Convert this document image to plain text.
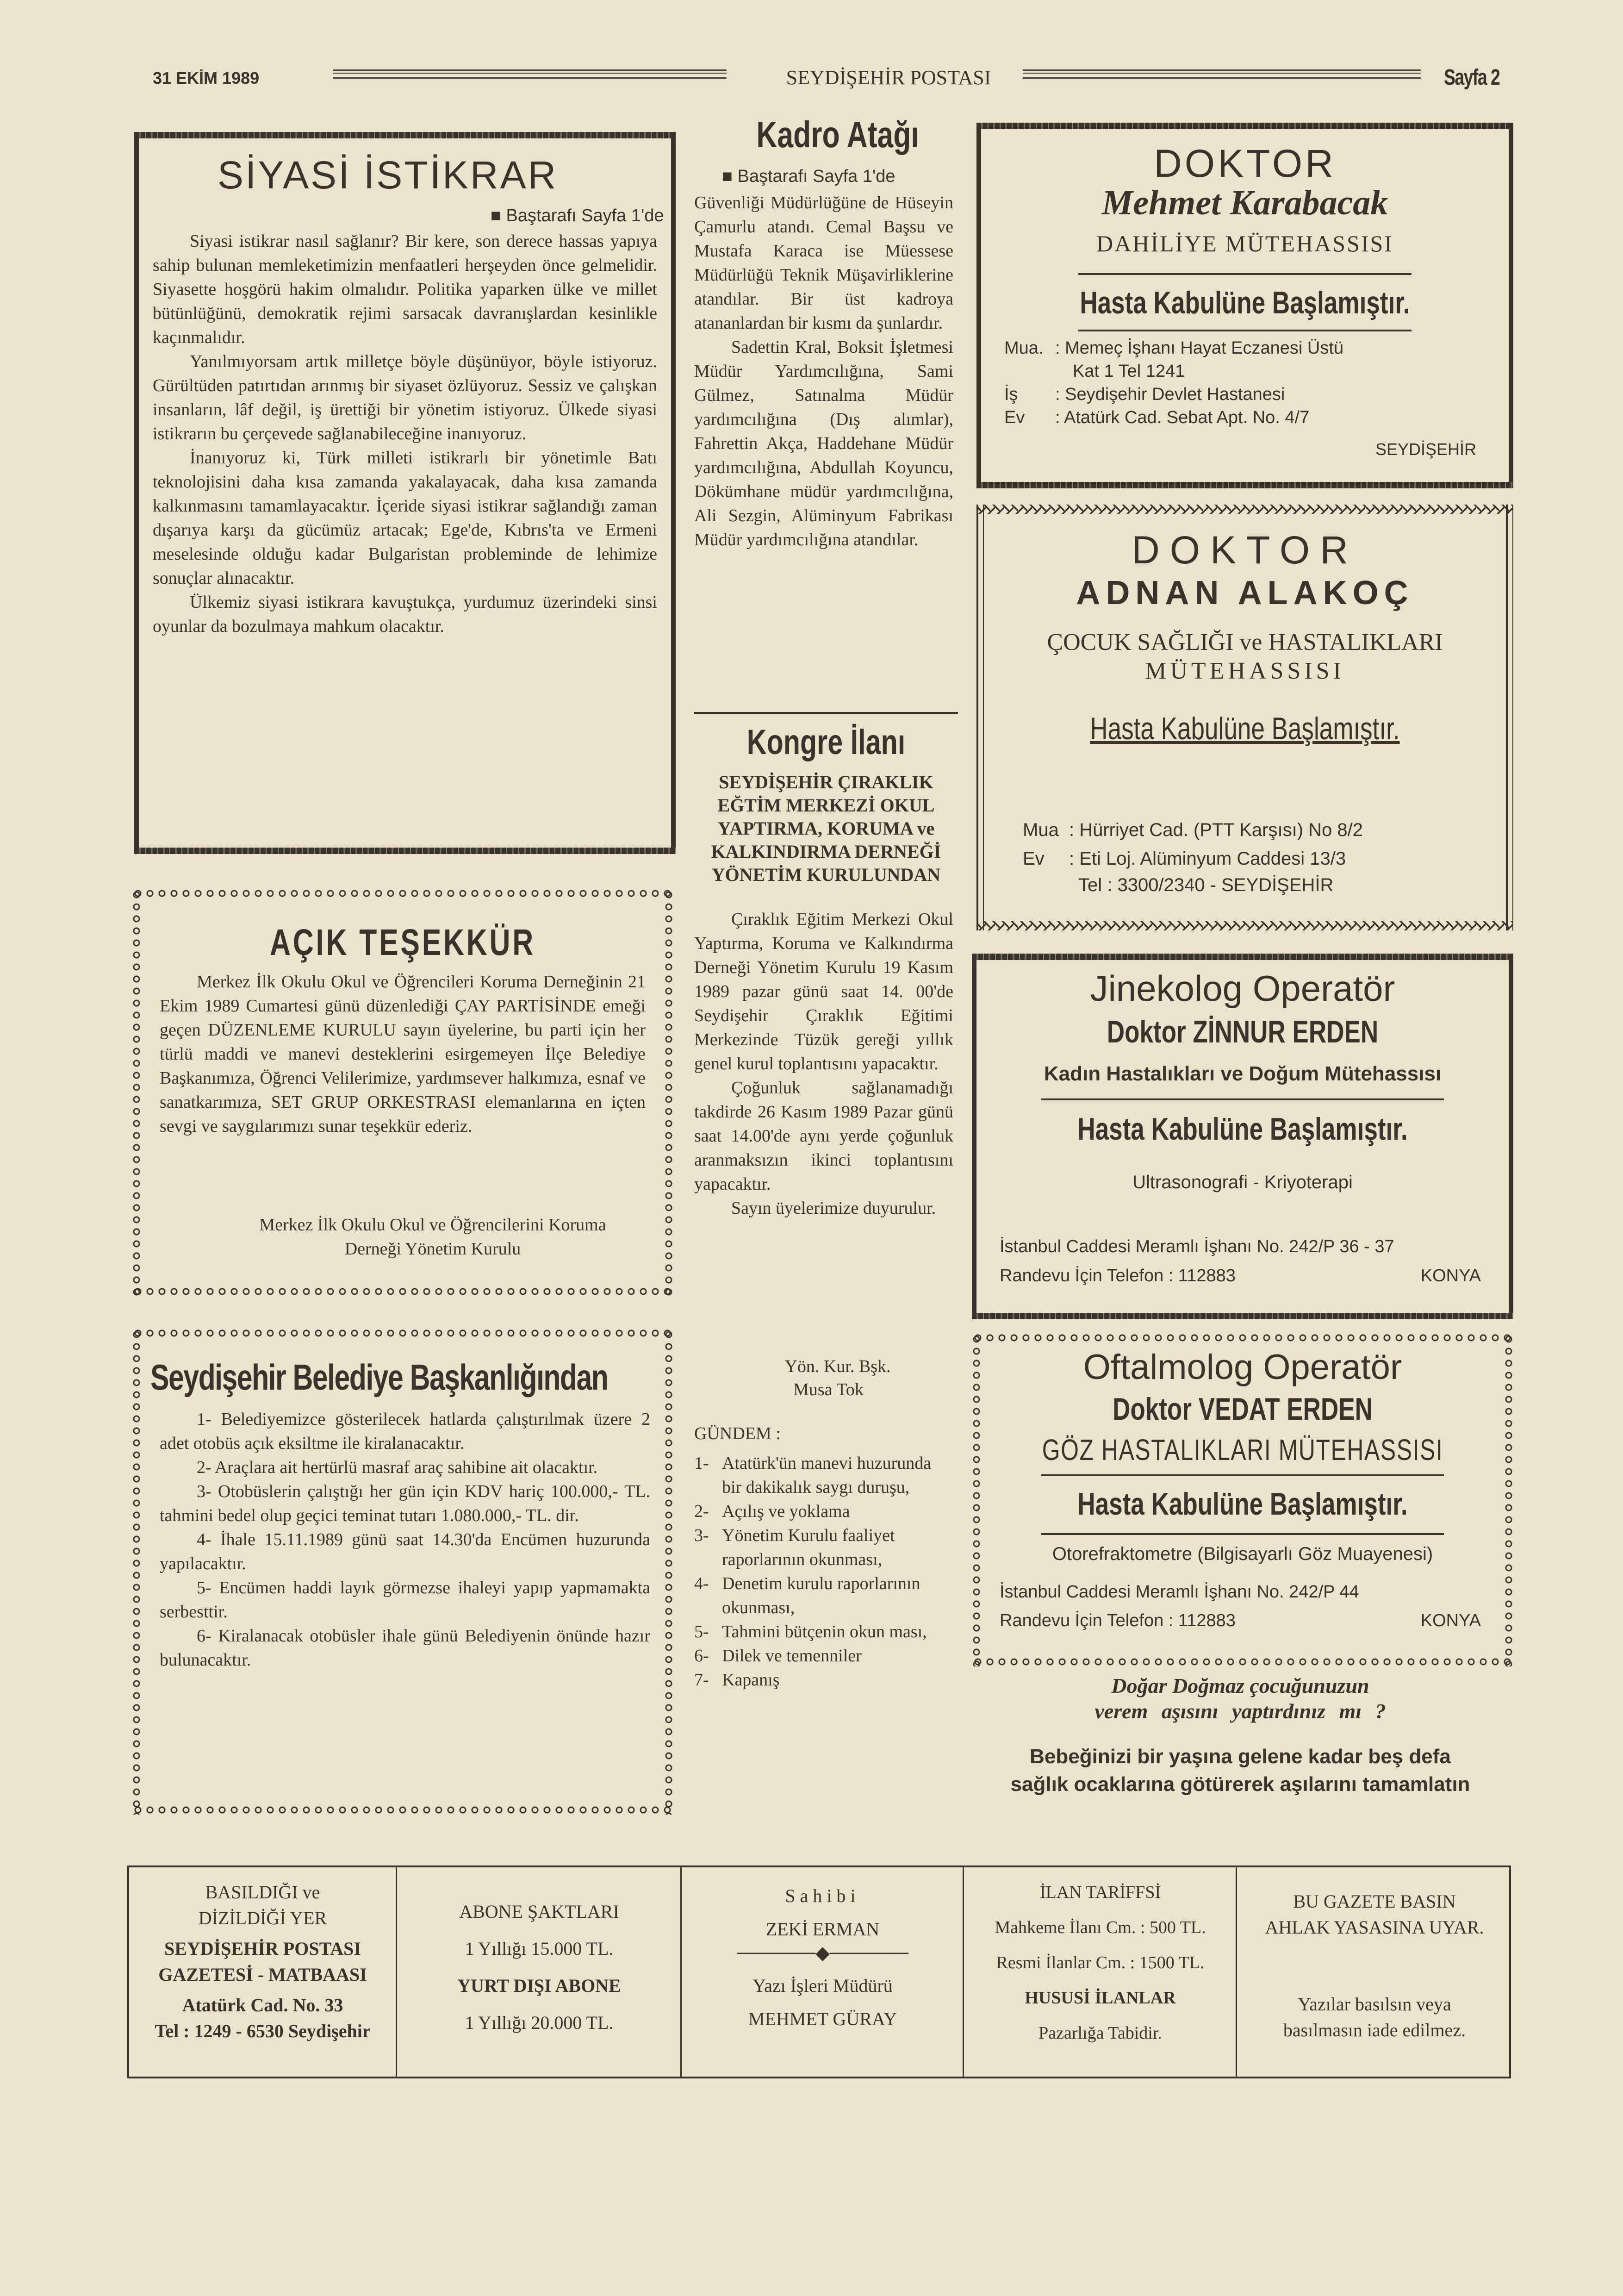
31 EKİM 1989	SEYDİŞEHİR POSTASI	Sayfa 2
SİYASİ İSTİKRAR
■ Baştarafı Sayfa 1'de

Siyasi istikrar nasıl sağlanır? Bir kere, son derece hassas yapıya sahip bulunan memleketimizin menfaatleri herşeyden önce gelmelidir. Siyasette hoşgörü hakim olmalıdır. Politika yaparken ülke ve millet bütünlüğünü, demokratik rejimi sarsacak davranışlardan kesinlikle kaçınmalıdır.

Yanılmıyorsam artık milletçe böyle düşünüyor, böyle istiyoruz. Gürültüden patırtıdan arınmış bir siyaset özlüyoruz. Sessiz ve çalışkan insanların, lâf değil, iş ürettiği bir yönetim istiyoruz. Ülkede siyasi istikrarın bu çerçevede sağlanabileceğine inanıyoruz.

İnanıyoruz ki, Türk milleti istikrarlı bir yönetimle Batı teknolojisini daha kısa zamanda yakalayacak, daha kısa zamanda kalkınmasını tamamlayacaktır. İçeride siyasi istikrar sağlandığı zaman dışarıya karşı da gücümüz artacak; Ege'de, Kıbrıs'ta ve Ermeni meselesinde olduğu kadar Bulgaristan probleminde de lehimize sonuçlar alınacaktır.

Ülkemiz siyasi istikrara kavuştukça, yurdumuz üzerindeki sinsi oyunlar da bozulmaya mahkum olacaktır.

AÇIK TEŞEKKÜR

Merkez İlk Okulu Okul ve Öğrencileri Koruma Derneğinin 21 Ekim 1989 Cumartesi günü düzenlediği ÇAY PARTİSİNDE emeği geçen DÜZENLEME KURULU sayın üyelerine, bu parti için her türlü maddi ve manevi desteklerini esirgemeyen İlçe Belediye Başkanımıza, Öğrenci Velilerimize, yardımsever halkımıza, esnaf ve sanatkarımıza, SET GRUP ORKESTRASI elemanlarına en içten sevgi ve saygılarımızı sunar teşekkür ederiz.

Merkez İlk Okulu Okul ve Öğrencilerini Koruma Derneği Yönetim Kurulu
Seydişehir Belediye Başkanlığından

1- Belediyemizce gösterilecek hatlarda çalıştırılmak üzere 2 adet otobüs açık eksiltme ile kiralanacaktır.

2- Araçlara ait hertürlü masraf araç sahibine ait olacaktır.

3- Otobüslerin çalıştığı her gün için KDV hariç 100.000,- TL. tahmini bedel olup geçici teminat tutarı 1.080.000,- TL. dir.

4- İhale 15.11.1989 günü saat 14.30'da Encümen huzurunda yapılacaktır.

5- Encümen haddi layık görmezse ihaleyi yapıp yapmamakta serbesttir.

6- Kiralanacak otobüsler ihale günü Belediyenin önünde hazır bulunacaktır.

Kadro Atağı
■ Baştarafı Sayfa 1'de

Güvenliği Müdürlüğüne de Hüseyin Çamurlu atandı. Cemal Başsu ve Mustafa Karaca ise Müessese Müdürlüğü Teknik Müşavirliklerine atandılar. Bir üst kadroya atananlardan bir kısmı da şunlardır.

Sadettin Kral, Boksit İşletmesi Müdür Yardımcılığına, Sami Gülmez, Satınalma Müdür yardımcılığına (Dış alımlar), Fahrettin Akça, Haddehane Müdür yardımcılığına, Abdullah Koyuncu, Dökümhane müdür yardımcılığına, Ali Sezgin, Alüminyum Fabrikası Müdür yardımcılığına atandılar.

Kongre İlanı
SEYDİŞEHİR ÇIRAKLIK EĞTİM MERKEZİ OKUL YAPTIRMA, KORUMA ve KALKINDIRMA DERNEĞİ YÖNETİM KURULUNDAN

Çıraklık Eğitim Merkezi Okul Yaptırma, Koruma ve Kalkındırma Derneği Yönetim Kurulu 19 Kasım 1989 pazar günü saat 14. 00'de Seydişehir Çıraklık Eğitimi Merkezinde Tüzük gereği yıllık genel kurul toplantısını yapacaktır.

Çoğunluk sağlanamadığı takdirde 26 Kasım 1989 Pazar günü saat 14.00'de aynı yerde çoğunluk aranmaksızın ikinci toplantısını yapacaktır.

Sayın üyelerimize duyurulur.

Yön. Kur. Bşk.
Musa Tok
GÜNDEM :
1- Atatürk'ün manevi huzurunda bir dakikalık saygı duruşu,
2- Açılış ve yoklama
3- Yönetim Kurulu faaliyet raporlarının okunması,
4- Denetim kurulu raporlarının okunması,
5- Tahmini bütçenin okun ması,
6- Dilek ve temenniler
7- Kapanış
DOKTOR
Mehmet Karabacak
DAHİLİYE MÜTEHASSISI
Hasta Kabulüne Başlamıştır.
Mua. : Memeç İşhanı Hayat Eczanesi Üstü
Kat 1 Tel 1241
İş	: Seydişehir Devlet Hastanesi
Ev	: Atatürk Cad. Sebat Apt. No. 4/7
SEYDİŞEHİR
DOKTOR
ADNAN ALAKOÇ
ÇOCUK SAĞLIĞI ve HASTALIKLARI
MÜTEHASSISI
Hasta Kabulüne Başlamıştır.
Mua : Hürriyet Cad. (PTT Karşısı) No 8/2
Ev	: Eti Loj. Alüminyum Caddesi 13/3
Tel : 3300/2340 - SEYDİŞEHİR
Jinekolog Operatör
Doktor ZİNNUR ERDEN
Kadın Hastalıkları ve Doğum Mütehassısı
Hasta Kabulüne Başlamıştır.
Ultrasonografi - Kriyoterapi
İstanbul Caddesi Meramlı İşhanı No. 242/P 36 - 37
Randevu İçin Telefon : 112883	KONYA
Oftalmolog Operatör
Doktor VEDAT ERDEN
GÖZ HASTALIKLARI MÜTEHASSISI
Hasta Kabulüne Başlamıştır.
Otorefraktometre (Bilgisayarlı Göz Muayenesi)
İstanbul Caddesi Meramlı İşhanı No. 242/P 44
Randevu İçin Telefon : 112883	KONYA
Doğar Doğmaz çocuğunuzun
verem aşısını yaptırdınız mı ?
Bebeğinizi bir yaşına gelene kadar beş defa
sağlık ocaklarına götürerek aşılarını tamamlatın
BASILDIĞI ve
DİZİLDİĞİ YER
SEYDİŞEHİR POSTASI
GAZETESİ - MATBAASI
Atatürk Cad. No. 33
Tel : 1249 - 6530 Seydişehir
ABONE ŞAKTLARI
1 Yıllığı 15.000 TL.
YURT DIŞI ABONE
1 Yıllığı 20.000 TL.
Sahibi
ZEKİ ERMAN
──────◆──────
Yazı İşleri Müdürü
MEHMET GÜRAY
İLAN TARİFFSİ
Mahkeme İlanı Cm. : 500 TL.
Resmi İlanlar Cm. : 1500 TL.
HUSUSİ İLANLAR
Pazarlığa Tabidir.
BU GAZETE BASIN
AHLAK YASASINA UYAR.
Yazılar basılsın veya
basılmasın iade edilmez.
